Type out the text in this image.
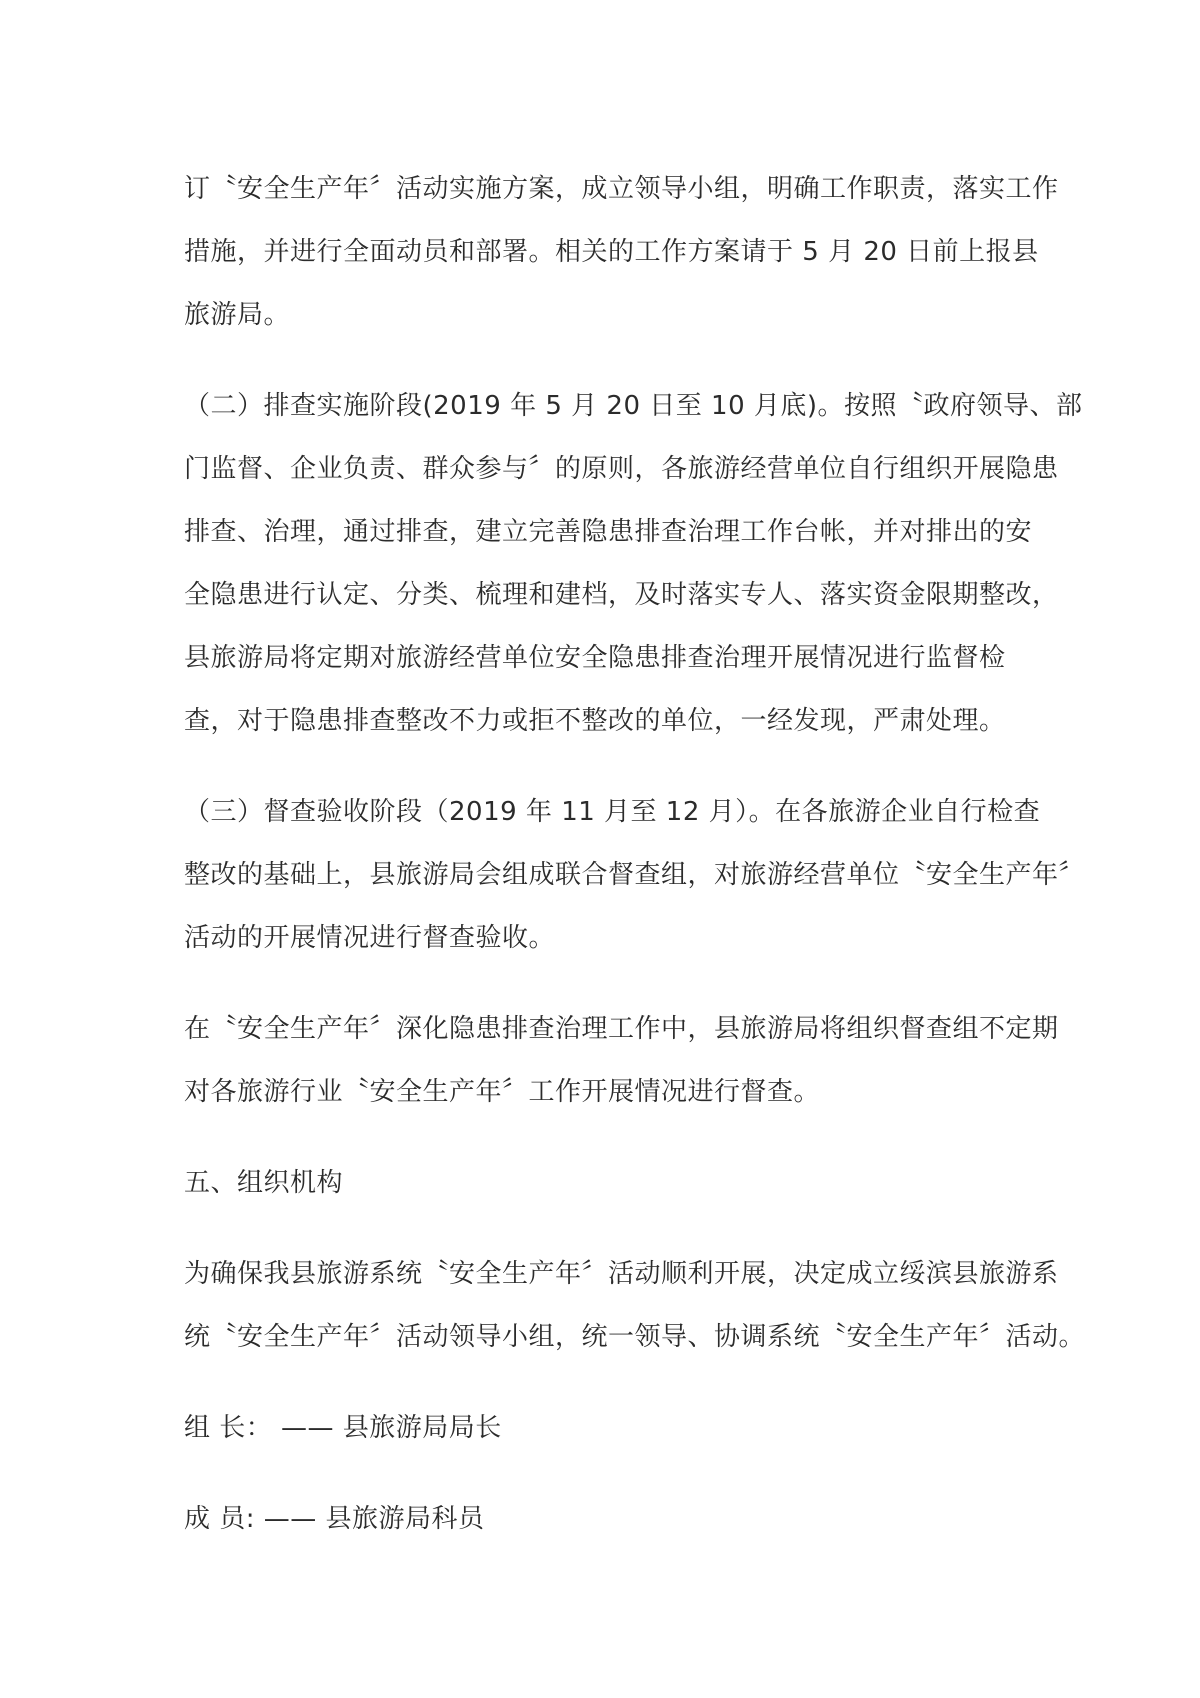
订〝安全生产年〞活动实施方案，成立领导小组，明确工作职责，落实工作
措施，并进行全面动员和部署。相关的工作方案请于 5 月 20 日前上报县
旅游局。

（二）排查实施阶段(2019 年 5 月 20 日至 10 月底)。按照〝政府领导、部
门监督、企业负责、群众参与〞的原则，各旅游经营单位自行组织开展隐患
排查、治理，通过排查，建立完善隐患排查治理工作台帐，并对排出的安
全隐患进行认定、分类、梳理和建档，及时落实专人、落实资金限期整改，
县旅游局将定期对旅游经营单位安全隐患排查治理开展情况进行监督检
查，对于隐患排查整改不力或拒不整改的单位，一经发现，严肃处理。

（三）督查验收阶段（2019 年 11 月至 12 月）。在各旅游企业自行检查
整改的基础上，县旅游局会组成联合督查组，对旅游经营单位〝安全生产年〞
活动的开展情况进行督查验收。

在〝安全生产年〞深化隐患排查治理工作中，县旅游局将组织督查组不定期
对各旅游行业〝安全生产年〞工作开展情况进行督查。

五、组织机构

为确保我县旅游系统〝安全生产年〞活动顺利开展，决定成立绥滨县旅游系
统〝安全生产年〞活动领导小组，统一领导、协调系统〝安全生产年〞活动。

组 长： —— 县旅游局局长

成 员: —— 县旅游局科员
